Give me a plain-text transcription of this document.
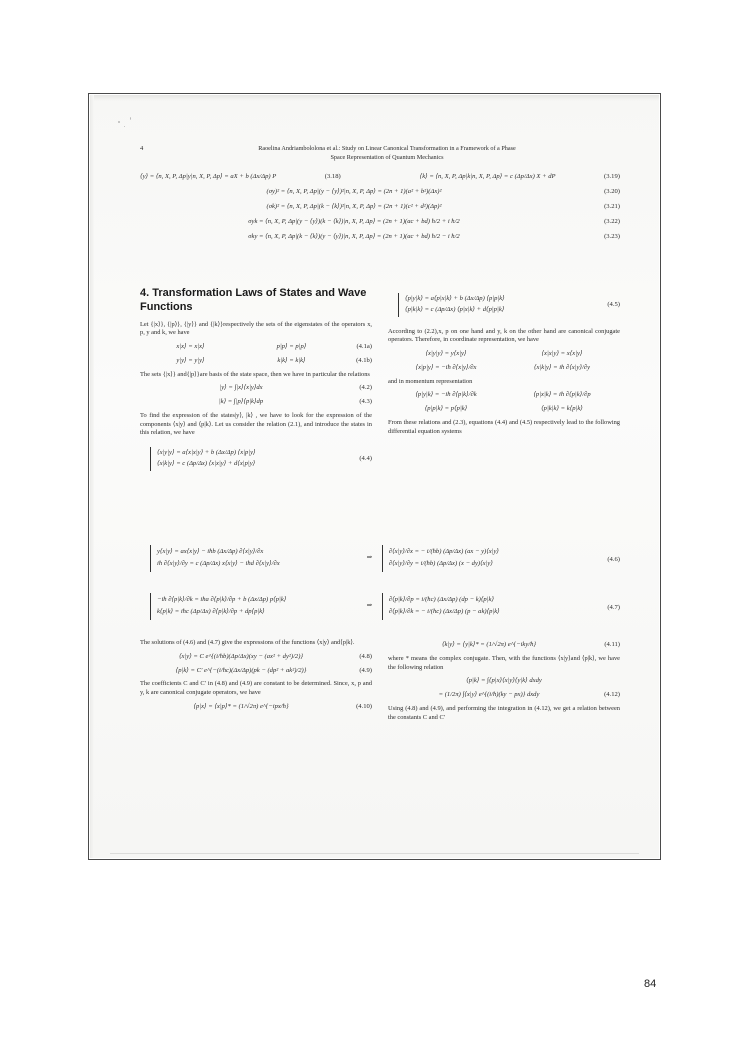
4	Raoelina Andriambololona et al.: Study on Linear Canonical Transformation in a Framework of a Phase
Space Representation of Quantum Mechanics
⟨y⟩ = ⟨n, X, P, Δp|y|n, X, P, Δp⟩ = aX + b (Δx/Δp) P	(3.18)	⟨k⟩ = ⟨n, X, P, Δp|k|n, X, P, Δp⟩ = c (Δp/Δx) X + dP	(3.19)
(σy)² = ⟨n, X, P, Δp|(y − ⟨y⟩)²|n, X, P, Δp⟩ = (2n + 1)(a² + b²)(Δx)²	(3.20)
(σk)² = ⟨n, X, P, Δp|(k − ⟨k⟩)²|n, X, P, Δp⟩ = (2n + 1)(c² + d²)(Δp)²	(3.21)
σyk = ⟨n, X, P, Δp|(y − ⟨y⟩)(k − ⟨k⟩)|n, X, P, Δp⟩ = (2n + 1)(ac + bd) ħ/2 + i ħ/2	(3.22)
σky = ⟨n, X, P, Δp|(k − ⟨k⟩)(y − ⟨y⟩)|n, X, P, Δp⟩ = (2n + 1)(ac + bd) ħ/2 − i ħ/2	(3.23)
4. Transformation Laws of States and Wave Functions

Let {|x⟩}, {|p⟩}, {|y⟩} and {|k⟩}respectively the sets of the eigenstates of the operators x, p, y and k, we have

x|x⟩ = x|x⟩	p|p⟩ = p|p⟩	(4.1a)
y|y⟩ = y|y⟩	k|k⟩ = k|k⟩	(4.1b)

The sets {|x⟩} and{|p⟩}are basis of the state space, then we have in particular the relations

|y⟩ = ∫|x⟩⟨x|y⟩dx	(4.2)
|k⟩ = ∫|p⟩⟨p|k⟩dp	(4.3)

To find the expression of the states|y⟩, |k⟩ , we have to look for the expression of the components ⟨x|y⟩ and ⟨p|k⟩. Let us consider the relation (2.1), and introduce the states in this relation, we have

⟨x|y|y⟩ = a⟨x|x|y⟩ + b (Δx/Δp) ⟨x|p|y⟩
⟨x|k|y⟩ = c (Δp/Δx) ⟨x|x|y⟩ + d⟨x|p|y⟩
(4.4)
⟨p|y|k⟩ = a⟨p|x|k⟩ + b (Δx/Δp) ⟨p|p|k⟩
⟨p|k|k⟩ = c (Δp/Δx) ⟨p|x|k⟩ + d⟨p|p|k⟩
(4.5)

According to (2.2),x, p on one hand and y, k on the other hand are canonical conjugate operators. Therefore, in coordinate representation, we have

⟨x|y|y⟩ = y⟨x|y⟩	⟨x|x|y⟩ = x⟨x|y⟩
⟨x|p|y⟩ = −iħ ∂⟨x|y⟩/∂x	⟨x|k|y⟩ = iħ ∂⟨x|y⟩/∂y

and in momentum representation

⟨p|y|k⟩ = −iħ ∂⟨p|k⟩/∂k	⟨p|x|k⟩ = iħ ∂⟨p|k⟩/∂p
⟨p|p|k⟩ = p⟨p|k⟩	⟨p|k|k⟩ = k⟨p|k⟩

From these relations and (2.3), equations (4.4) and (4.5) respectively lead to the following differential equation systems

y⟨x|y⟩ = ax⟨x|y⟩ − iħb (Δx/Δp) ∂⟨x|y⟩/∂x
iħ ∂⟨x|y⟩/∂y = c (Δp/Δx) x⟨x|y⟩ − iħd ∂⟨x|y⟩/∂x
⇒
∂⟨x|y⟩/∂x = − i/(ħb) (Δp/Δx) (ax − y)⟨x|y⟩
∂⟨x|y⟩/∂y = i/(ħb) (Δp/Δx) (x − dy)⟨x|y⟩
(4.6)
−iħ ∂⟨p|k⟩/∂k = iħa ∂⟨p|k⟩/∂p + b (Δx/Δp) p⟨p|k⟩
k⟨p|k⟩ = iħc (Δp/Δx) ∂⟨p|k⟩/∂p + dp⟨p|k⟩
⇒
∂⟨p|k⟩/∂p = i/(ħc) (Δx/Δp) (dp − k)⟨p|k⟩
∂⟨p|k⟩/∂k = − i/(ħc) (Δx/Δp) (p − ak)⟨p|k⟩
(4.7)

The solutions of (4.6) and (4.7) give the expressions of the functions ⟨x|y⟩ and⟨p|k⟩.

⟨x|y⟩ = C e^{(i/ħb)(Δp/Δx)(xy − (ax² + dy²)/2)}	(4.8)
⟨p|k⟩ = C′ e^{−(i/ħc)(Δx/Δp)(pk − (dp² + ak²)/2)}	(4.9)

The coefficients C and C′ in (4.8) and (4.9) are constant to be determined. Since, x, p and y, k are canonical conjugate operators, we have

⟨p|x⟩ = ⟨x|p⟩* = (1/√2π) e^{−ipx/ħ}	(4.10)
⟨k|y⟩ = ⟨y|k⟩* = (1/√2π) e^{−iky/ħ}	(4.11)

where * means the complex conjugate. Then, with the functions ⟨x|y⟩and ⟨p|k⟩, we have the following relation

⟨p|k⟩ = ∫⟨p|x⟩⟨x|y⟩⟨y|k⟩ dxdy
= (1/2π) ∫⟨x|y⟩ e^{(i/ħ)(ky − px)} dxdy	(4.12)

Using (4.8) and (4.9), and performing the integration in (4.12), we get a relation between the constants C and C′

84
